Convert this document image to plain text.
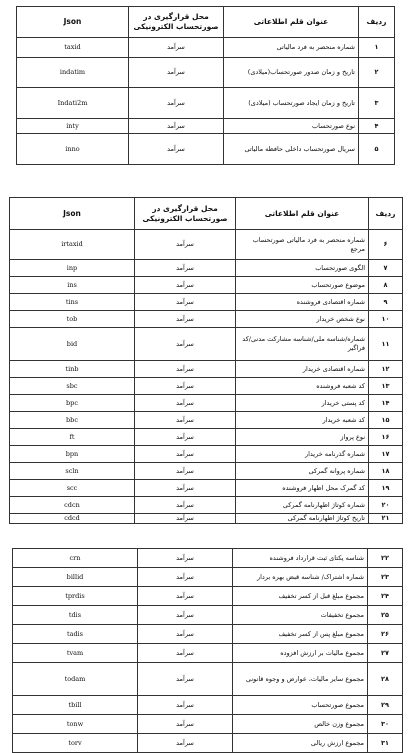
Json	محل قرارگیری در صورتحساب الکترونیکی	عنوان قلم اطلاعاتی	ردیف
taxid	سرآمد	شماره منحصر به فرد مالیاتی	۱
indatim	سرآمد	تاریخ و زمان صدور صورتحساب(میلادی)	۲
Indati2m	سرآمد	تاریخ و زمان ایجاد صورتحساب (میلادی)	۳
inty	سرآمد	نوع صورتحساب	۴
inno	سرآمد	سریال صورتحساب داخلی حافظه مالیاتی	۵
Json	محل قرارگیری در صورتحساب الکترونیکی	عنوان قلم اطلاعاتی	ردیف
irtaxid	سرآمد	شماره منحصر به فرد مالیاتی صورتحساب مرجع	۶
inp	سرآمد	الگوی صورتحساب	۷
ins	سرآمد	موضوع صورتحساب	۸
tins	سرآمد	شماره اقتصادی فروشنده	۹
tob	سرآمد	نوع شخص خریدار	۱۰
bid	سرآمد	شماره/شناسه ملی/شناسه مشارکت مدنی/کد فراگیر	۱۱
tinb	سرآمد	شماره اقتصادی خریدار	۱۲
sbc	سرآمد	کد شعبه فروشنده	۱۳
bpc	سرآمد	کد پستی خریدار	۱۴
bbc	سرآمد	کد شعبه خریدار	۱۵
ft	سرآمد	نوع پرواز	۱۶
bpn	سرآمد	شماره گذرنامه خریدار	۱۷
scln	سرآمد	شماره پروانه گمرکی	۱۸
scc	سرآمد	کد گمرک محل اظهار فروشنده	۱۹
cdcn	سرآمد	شماره کوتاژ اظهارنامه گمرکی	۲۰
cdcd	سرآمد	تاریخ کوتاژ اظهارنامه گمرکی	۲۱
crn	سرآمد	شناسه یکتای ثبت قرارداد فروشنده	۲۲
billid	سرآمد	شماره اشتراک/ شناسه قبض بهره بردار	۲۳
tprdis	سرآمد	مجموع مبلغ قبل از کسر تخفیف	۲۴
tdis	سرآمد	مجموع تخفیفات	۲۵
tadis	سرآمد	مجموع مبلغ پس از کسر تخفیف	۲۶
tvam	سرآمد	مجموع مالیات بر ارزش افزوده	۲۷
todam	سرآمد	مجموع سایر مالیات، عوارض و وجوه قانونی	۲۸
tbill	سرآمد	مجموع صورتحساب	۲۹
tonw	سرآمد	مجموع وزن خالص	۳۰
torv	سرآمد	مجموع ارزش ریالی	۳۱
